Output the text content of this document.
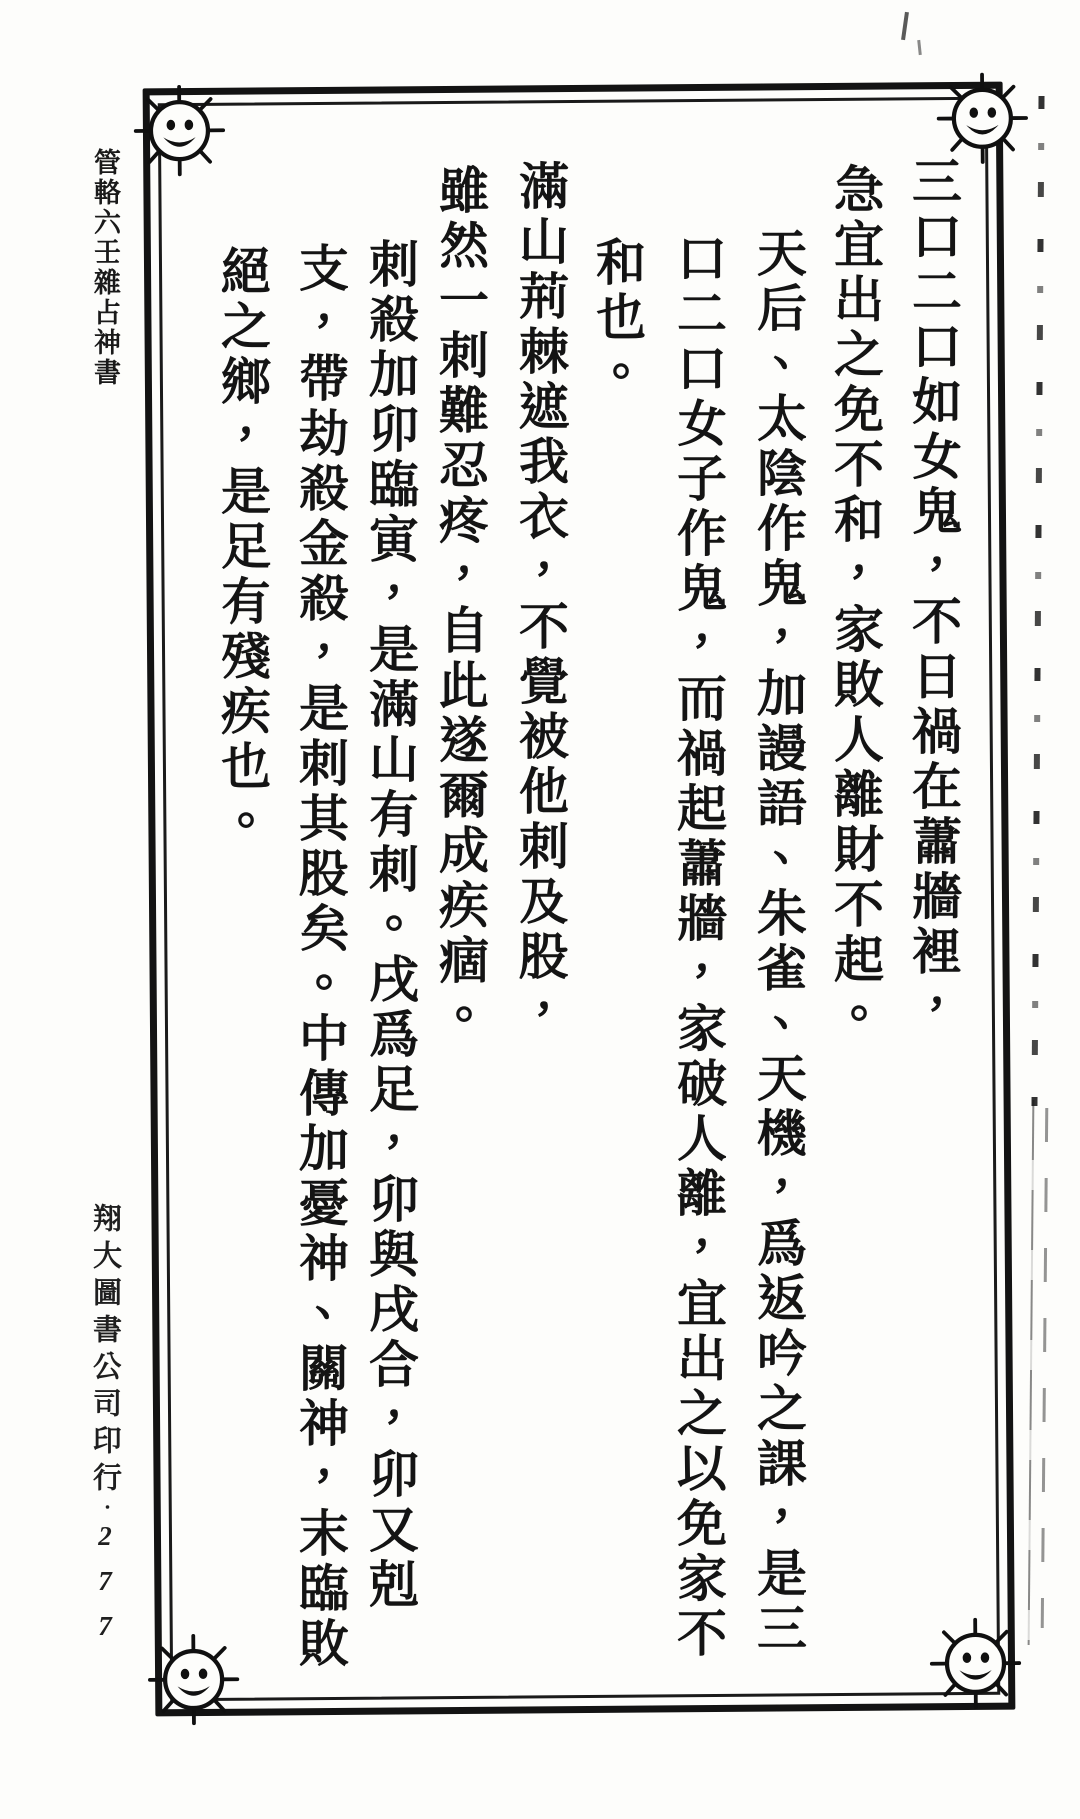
三口二口如女鬼，不日禍在蕭牆裡，
急宜出之免不和，家敗人離財不起。
天后、太陰作鬼，加謾語、朱雀、天機，爲返吟之課，是三
口二口女子作鬼，而禍起蕭牆，家破人離，宜出之以免家不
和也。
滿山荊棘遮我衣，不覺被他刺及股，
雖然一刺難忍疼，自此遂爾成疾痼。
刺殺加卯臨寅，是滿山有刺。戌爲足，卯與戌合，卯又剋
支，帶劫殺金殺，是刺其股矣。中傳加憂神、關神，末臨敗
絕之鄉，是足有殘疾也。
管輅六壬雜占神書
翔大圖書公司印行・277
